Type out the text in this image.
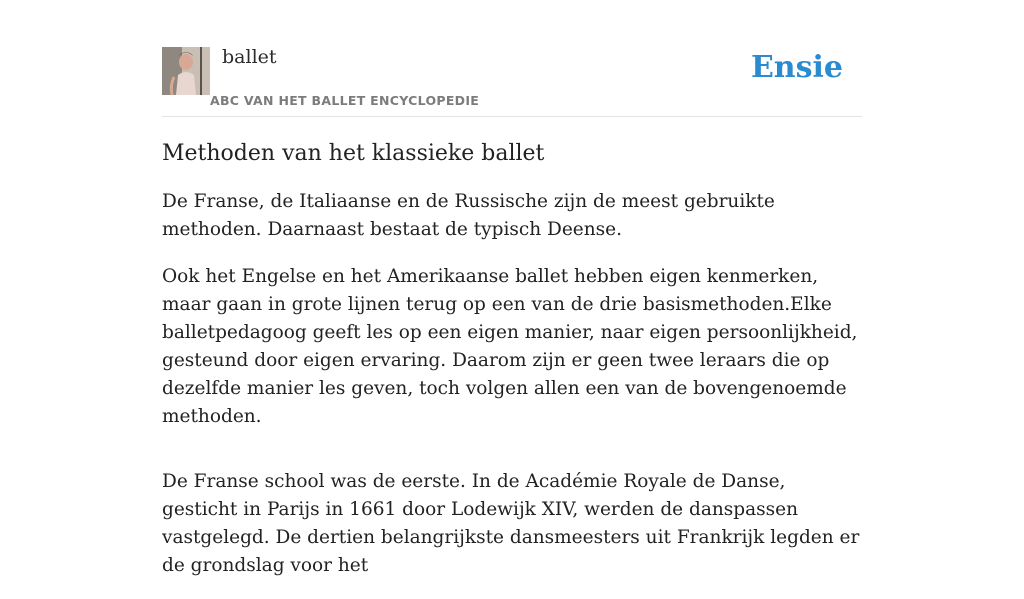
ballet
ABC VAN HET BALLET ENCYCLOPEDIE
Ensie
Methoden van het klassieke ballet

De Franse, de Italiaanse en de Russische zijn de meest gebruikte methoden. Daarnaast bestaat de typisch Deense.

Ook het Engelse en het Amerikaanse ballet hebben eigen kenmerken, maar gaan in grote lijnen terug op een van de drie basismethoden.Elke balletpedagoog geeft les op een eigen manier, naar eigen persoonlijkheid, gesteund door eigen ervaring. Daarom zijn er geen twee leraars die op dezelfde manier les geven, toch volgen allen een van de bovengenoemde methoden.

De Franse school was de eerste. In de Académie Royale de Danse, gesticht in Parijs in 1661 door Lodewijk XIV, werden de danspassen vastgelegd. De dertien belangrijkste dansmeesters uit Frankrijk legden er de grondslag voor het
